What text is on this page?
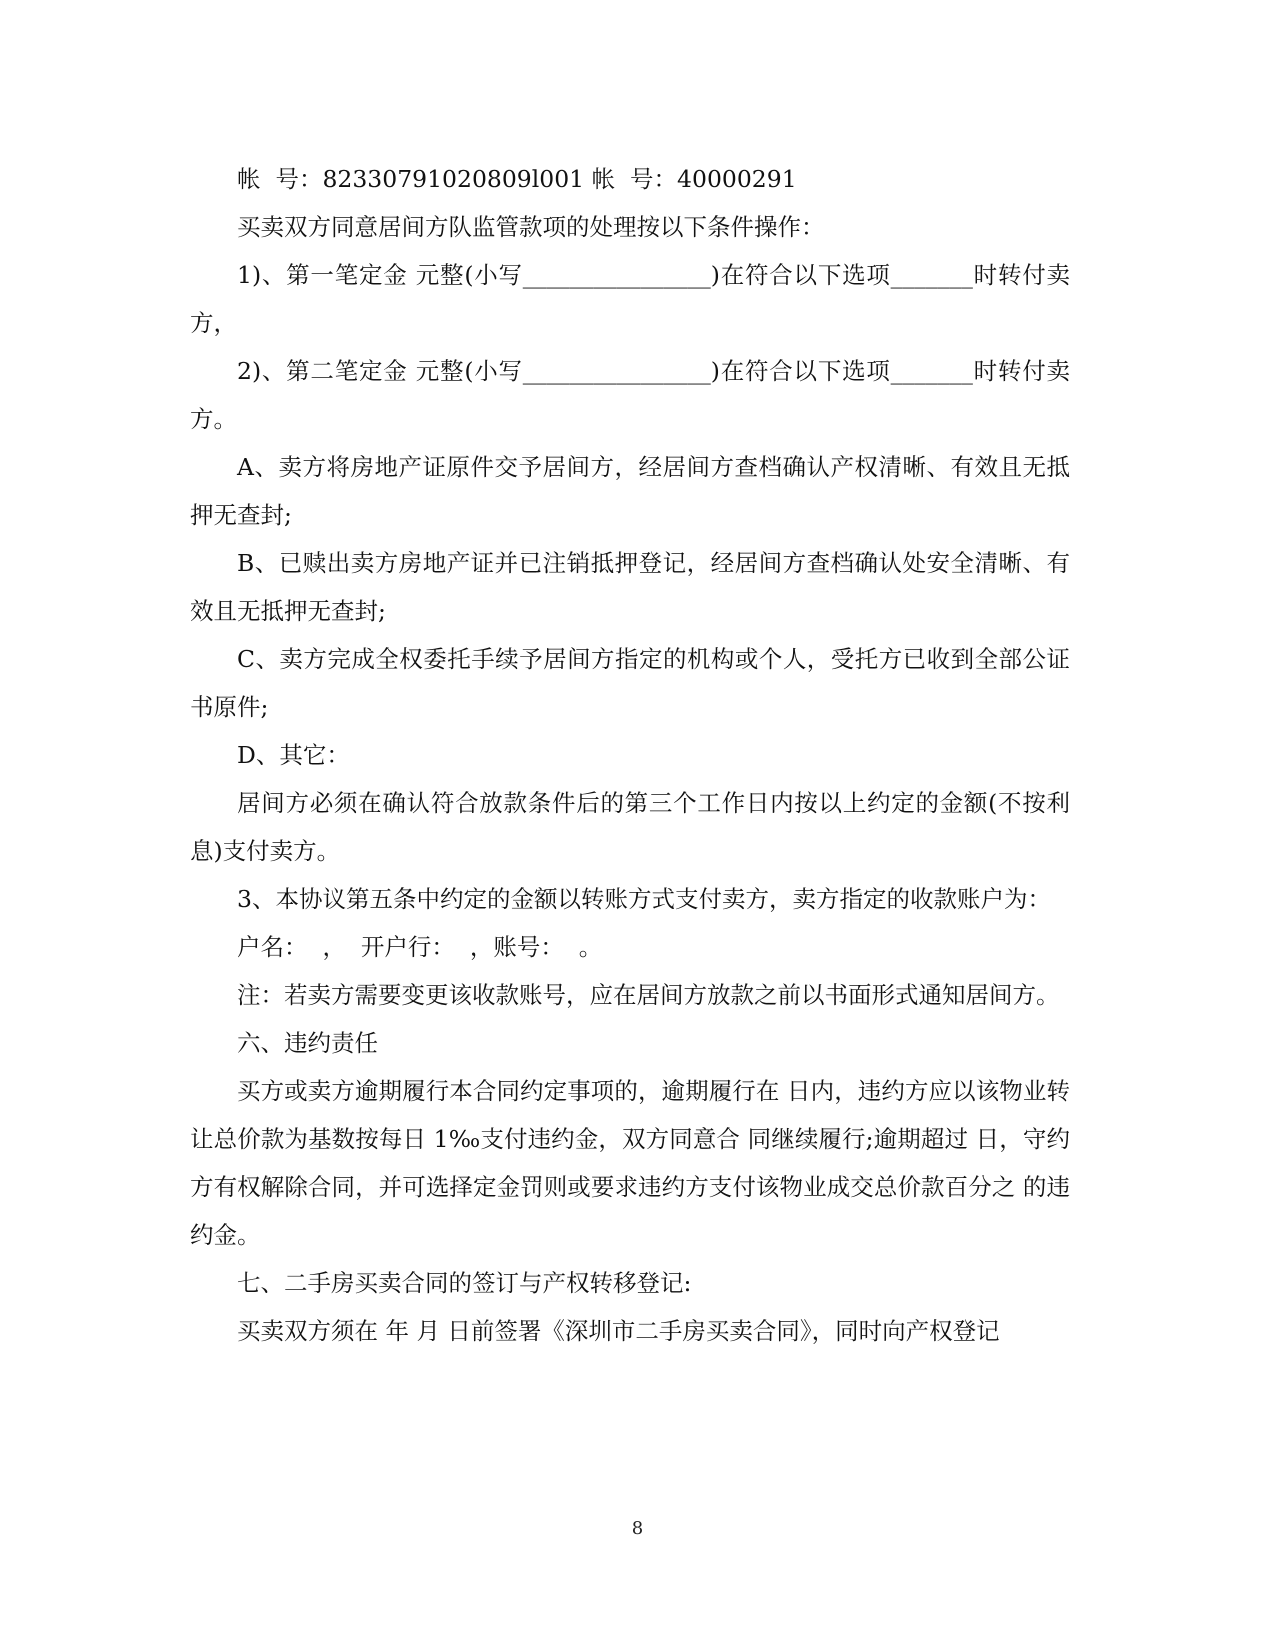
帐  号：82330791020809l001 帐  号：40000291

买卖双方同意居间方队监管款项的处理按以下条件操作：

1)、第一笔定金 元整(小写________________)在符合以下选项_______时转付卖方，

2)、第二笔定金 元整(小写________________)在符合以下选项_______时转付卖方。

A、卖方将房地产证原件交予居间方，经居间方查档确认产权清晰、有效且无抵押无查封;

B、已赎出卖方房地产证并已注销抵押登记，经居间方查档确认处安全清晰、有效且无抵押无查封;

C、卖方完成全权委托手续予居间方指定的机构或个人，受托方已收到全部公证书原件;

D、其它：

居间方必须在确认符合放款条件后的第三个工作日内按以上约定的金额(不按利息)支付卖方。

3、本协议第五条中约定的金额以转账方式支付卖方，卖方指定的收款账户为：

户名：  ，  开户行：  ，账号：  。

注：若卖方需要变更该收款账号，应在居间方放款之前以书面形式通知居间方。

六、违约责任

买方或卖方逾期履行本合同约定事项的，逾期履行在 日内，违约方应以该物业转让总价款为基数按每日 1‰支付违约金，双方同意合 同继续履行;逾期超过 日，守约方有权解除合同，并可选择定金罚则或要求违约方支付该物业成交总价款百分之 的违约金。

七、二手房买卖合同的签订与产权转移登记:

买卖双方须在 年 月 日前签署《深圳市二手房买卖合同》，同时向产权登记

8
